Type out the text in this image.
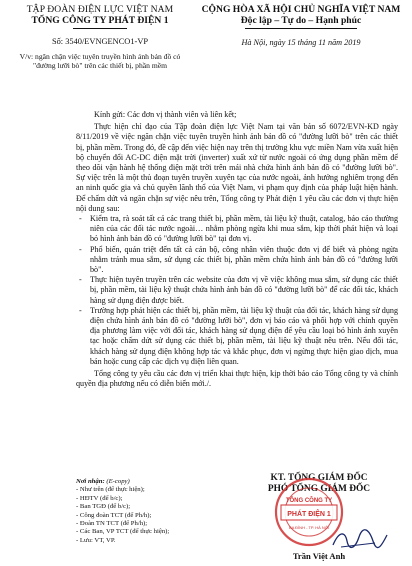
TẬP ĐOÀN ĐIỆN LỰC VIỆT NAM
TỔNG CÔNG TY PHÁT ĐIỆN 1
Số: 3540/EVNGENCO1-VP
V/v: ngăn chặn việc tuyên truyền hình ảnh bản đồ có "đường lưỡi bò" trên các thiết bị, phần mềm
CỘNG HÒA XÃ HỘI CHỦ NGHĨA VIỆT NAM
Độc lập – Tự do – Hạnh phúc
Hà Nội, ngày 15 tháng 11 năm 2019

Kính gửi: Các đơn vị thành viên và liên kết;

Thực hiện chỉ đạo của Tập đoàn điện lực Việt Nam tại văn bản số 6072/EVN-KD ngày 8/11/2019 về việc ngăn chặn việc tuyên truyền hình ảnh bản đồ có "đường lưỡi bò" trên các thiết bị, phần mềm. Trong đó, đề cập đến việc hiện nay trên thị trường khu vực miền Nam vừa xuất hiện bộ chuyển đổi AC-DC điện mặt trời (inverter) xuất xứ từ nước ngoài có ứng dụng phần mềm để theo dõi vận hành hệ thống điện mặt trời trên mái nhà chứa hình ảnh bản đồ có "đường lưỡi bò". Sự việc trên là một thủ đoạn tuyên truyền xuyên tạc của nước ngoài, ảnh hưởng nghiêm trọng đến an ninh quốc gia và chủ quyền lãnh thổ của Việt Nam, vi phạm quy định của pháp luật hiện hành. Để chấm dứt và ngăn chặn sự việc nêu trên, Tổng công ty Phát điện 1 yêu cầu các đơn vị thực hiện nội dung sau:

- Kiểm tra, rà soát tất cả các trang thiết bị, phần mềm, tài liệu kỹ thuật, catalog, báo cáo thường niên của các đối tác nước ngoài… nhằm phòng ngừa khi mua sắm, kịp thời phát hiện và loại bỏ hình ảnh bản đồ có "đường lưỡi bò" tại đơn vị.
- Phổ biến, quán triệt đến tất cả cán bộ, công nhân viên thuộc đơn vị để biết và phòng ngừa nhằm tránh mua sắm, sử dụng các thiết bị, phần mềm chứa hình ảnh bản đồ có "đường lưỡi bò".
- Thực hiện tuyên truyền trên các website của đơn vị về việc không mua sắm, sử dụng các thiết bị, phần mềm, tài liệu kỹ thuật chứa hình ảnh bản đồ có "đường lưỡi bò" để các đối tác, khách hàng sử dụng điện được biết.
- Trường hợp phát hiện các thiết bị, phần mềm, tài liệu kỹ thuật của đối tác, khách hàng sử dụng điện chứa hình ảnh bản đồ có "đường lưỡi bò", đơn vị báo cáo và phối hợp với chính quyền địa phương làm việc với đối tác, khách hàng sử dụng điện để yêu cầu loại bỏ hình ảnh xuyên tạc hoặc chấm dứt sử dụng các thiết bị, phần mềm, tài liệu kỹ thuật nêu trên. Nếu đối tác, khách hàng sử dụng điện không hợp tác và khắc phục, đơn vị ngừng thực hiện giao dịch, mua bán hoặc cung cấp các dịch vụ điện liên quan.

Tổng công ty yêu cầu các đơn vị triển khai thực hiện, kịp thời báo cáo Tổng công ty và chính quyền địa phương nếu có diễn biến mới./.

Nơi nhận: (E-copy)
- Như trên (để thực hiện);
- HĐTV (để b/c);
- Ban TGĐ (để b/c);
- Công đoàn TCT (để Ph/h);
- Đoàn TN TCT (để Ph/h);
- Các Ban, VP TCT (để thực hiện);
- Lưu: VT, VP.
KT. TỔNG GIÁM ĐỐC
PHÓ TỔNG GIÁM ĐỐC
TỔNG CÔNG TY
PHÁT ĐIỆN 1
BA ĐÌNH - TP. HÀ NỘI
Trần Việt Anh
